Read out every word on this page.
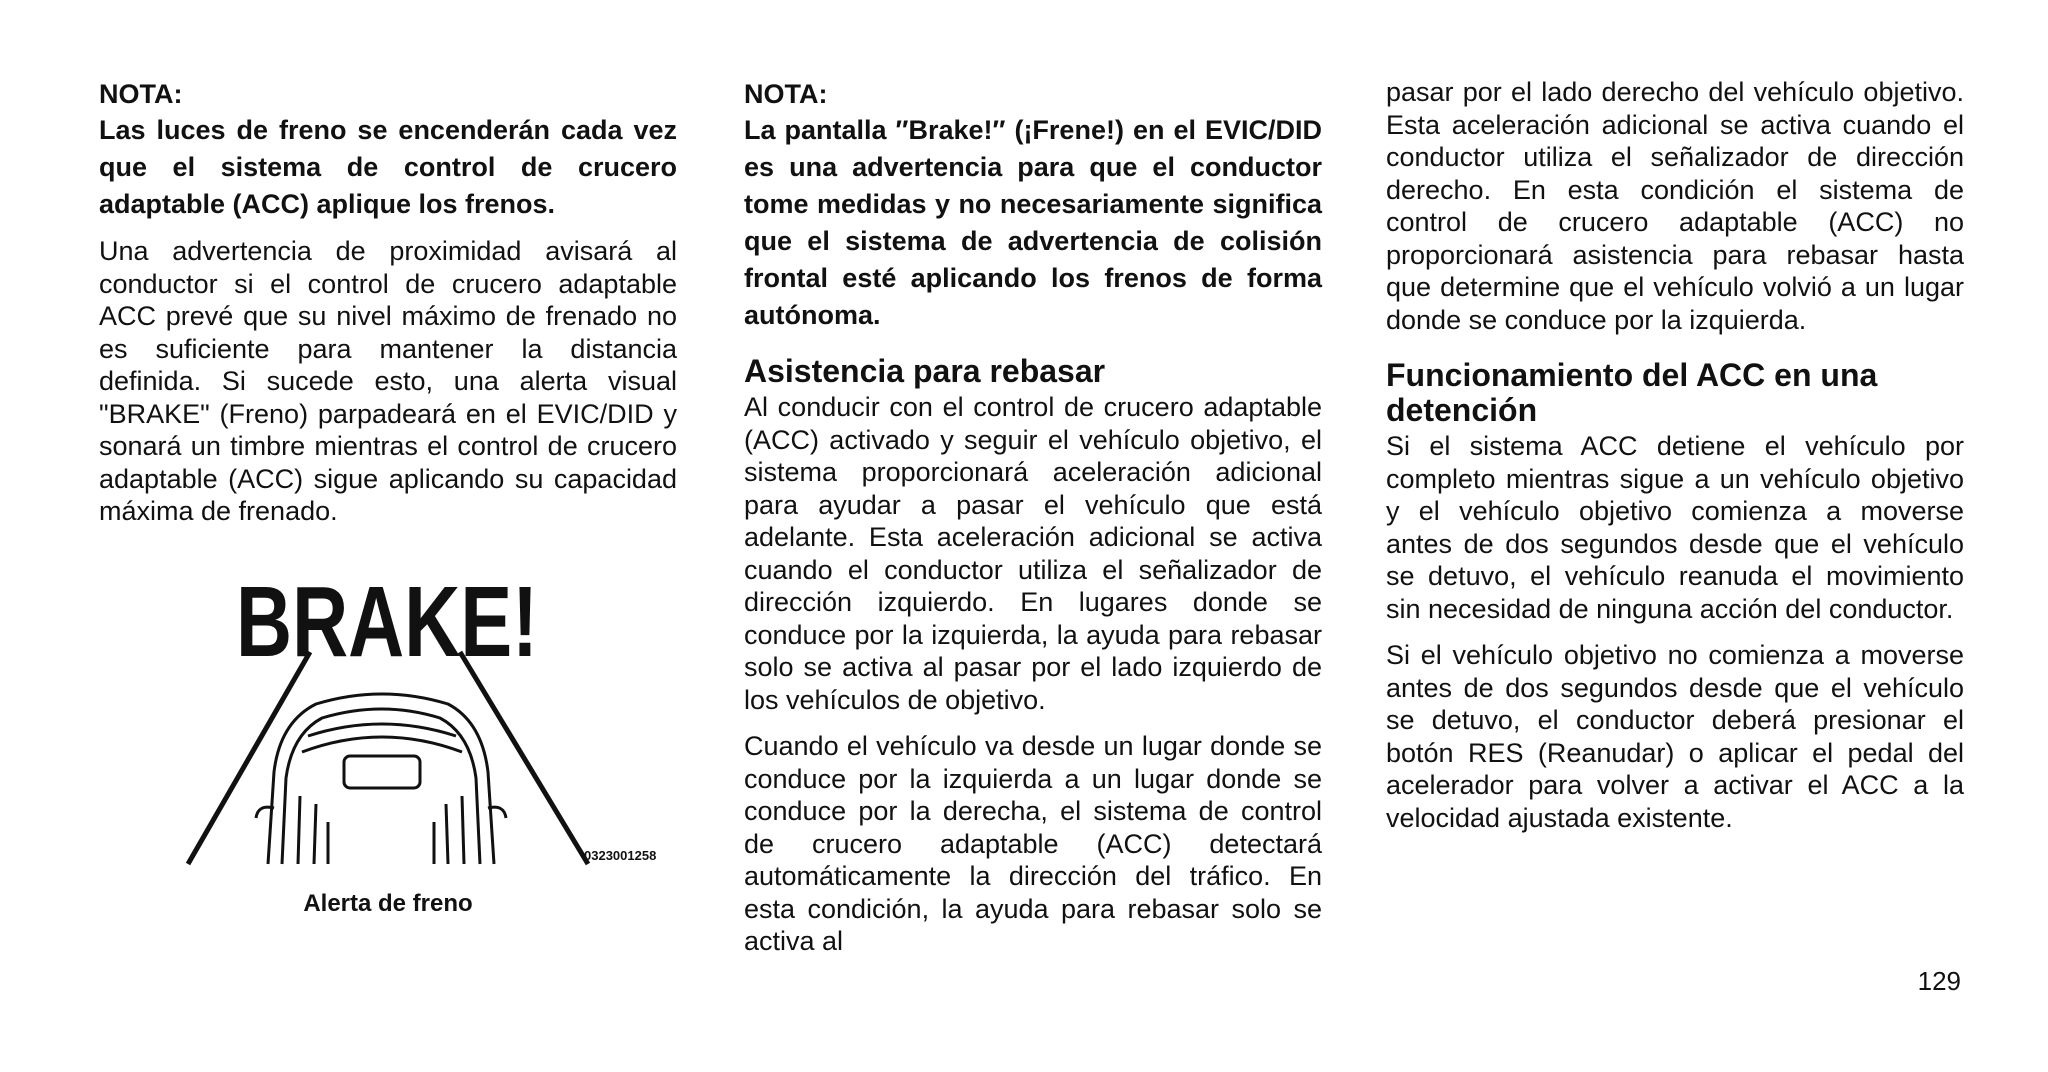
NOTA:
Las luces de freno se encenderán cada vez que el sistema de control de crucero adaptable (ACC) aplique los frenos.

Una advertencia de proximidad avisará al conductor si el control de crucero adaptable ACC prevé que su nivel máximo de frenado no es suficiente para mantener la distancia definida. Si sucede esto, una alerta visual "BRAKE" (Freno) parpadeará en el EVIC/DID y sonará un timbre mientras el control de crucero adaptable (ACC) sigue aplicando su capacidad máxima de frenado.

BRAKE!
0323001258
Alerta de freno
NOTA:
La pantalla ″Brake!″ (¡Frene!) en el EVIC/DID es una advertencia para que el conductor tome medidas y no necesariamente significa que el sistema de advertencia de colisión frontal esté aplicando los frenos de forma autónoma.
Asistencia para rebasar

Al conducir con el control de crucero adaptable (ACC) activado y seguir el vehículo objetivo, el sistema proporcionará aceleración adicional para ayudar a pasar el vehículo que está adelante. Esta aceleración adicional se activa cuando el conductor utiliza el señalizador de dirección izquierdo. En lugares donde se conduce por la izquierda, la ayuda para rebasar solo se activa al pasar por el lado izquierdo de los vehículos de objetivo.

Cuando el vehículo va desde un lugar donde se conduce por la izquierda a un lugar donde se conduce por la derecha, el sistema de control de crucero adaptable (ACC) detectará automáticamente la dirección del tráfico. En esta condición, la ayuda para rebasar solo se activa al

pasar por el lado derecho del vehículo objetivo. Esta aceleración adicional se activa cuando el conductor utiliza el señalizador de dirección derecho. En esta condición el sistema de control de crucero adaptable (ACC) no proporcionará asistencia para rebasar hasta que determine que el vehículo volvió a un lugar donde se conduce por la izquierda.

Funcionamiento del ACC en una detención

Si el sistema ACC detiene el vehículo por completo mientras sigue a un vehículo objetivo y el vehículo objetivo comienza a moverse antes de dos segundos desde que el vehículo se detuvo, el vehículo reanuda el movimiento sin necesidad de ninguna acción del conductor.

Si el vehículo objetivo no comienza a moverse antes de dos segundos desde que el vehículo se detuvo, el conductor deberá presionar el botón RES (Reanudar) o aplicar el pedal del acelerador para volver a activar el ACC a la velocidad ajustada existente.

129
